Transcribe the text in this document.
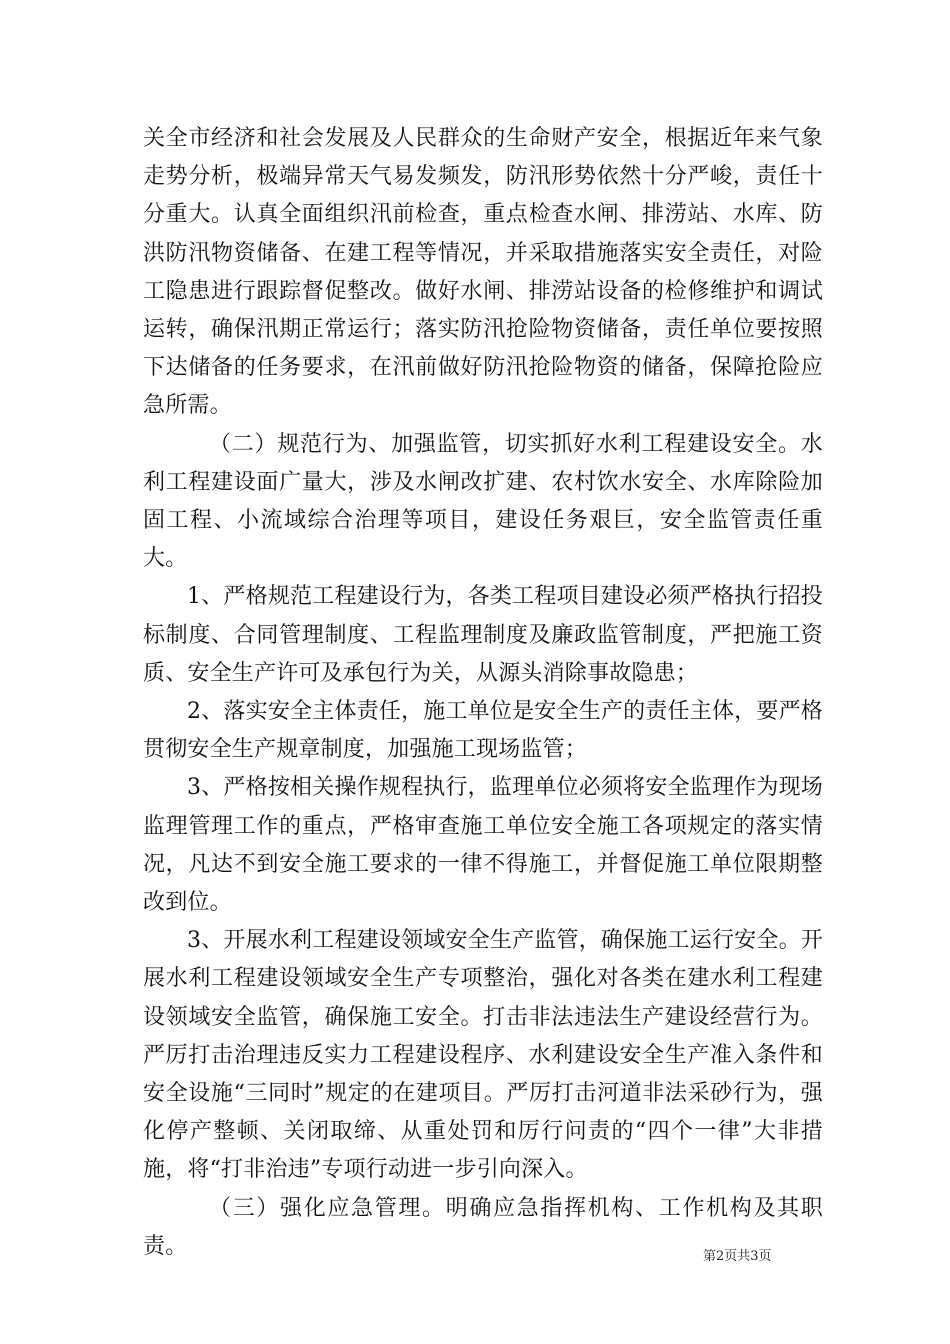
关全市经济和社会发展及人民群众的生命财产安全，根据近年来气象走势分析，极端异常天气易发频发，防汛形势依然十分严峻，责任十分重大。认真全面组织汛前检查，重点检查水闸、排涝站、水库、防洪防汛物资储备、在建工程等情况，并采取措施落实安全责任，对险工隐患进行跟踪督促整改。做好水闸、排涝站设备的检修维护和调试运转，确保汛期正常运行；落实防汛抢险物资储备，责任单位要按照下达储备的任务要求，在汛前做好防汛抢险物资的储备，保障抢险应急所需。

（二）规范行为、加强监管，切实抓好水利工程建设安全。水利工程建设面广量大，涉及水闸改扩建、农村饮水安全、水库除险加固工程、小流域综合治理等项目，建设任务艰巨，安全监管责任重大。

1、严格规范工程建设行为，各类工程项目建设必须严格执行招投标制度、合同管理制度、工程监理制度及廉政监管制度，严把施工资质、安全生产许可及承包行为关，从源头消除事故隐患；

2、落实安全主体责任，施工单位是安全生产的责任主体，要严格贯彻安全生产规章制度，加强施工现场监管；

3、严格按相关操作规程执行，监理单位必须将安全监理作为现场监理管理工作的重点，严格审查施工单位安全施工各项规定的落实情况，凡达不到安全施工要求的一律不得施工，并督促施工单位限期整改到位。

3、开展水利工程建设领域安全生产监管，确保施工运行安全。开展水利工程建设领域安全生产专项整治，强化对各类在建水利工程建设领域安全监管，确保施工安全。打击非法违法生产建设经营行为。严厉打击治理违反实力工程建设程序、水利建设安全生产准入条件和安全设施“三同时”规定的在建项目。严厉打击河道非法采砂行为，强化停产整顿、关闭取缔、从重处罚和厉行问责的“四个一律”大非措施，将“打非治违”专项行动进一步引向深入。

（三）强化应急管理。明确应急指挥机构、工作机构及其职责。	第2页共3页
